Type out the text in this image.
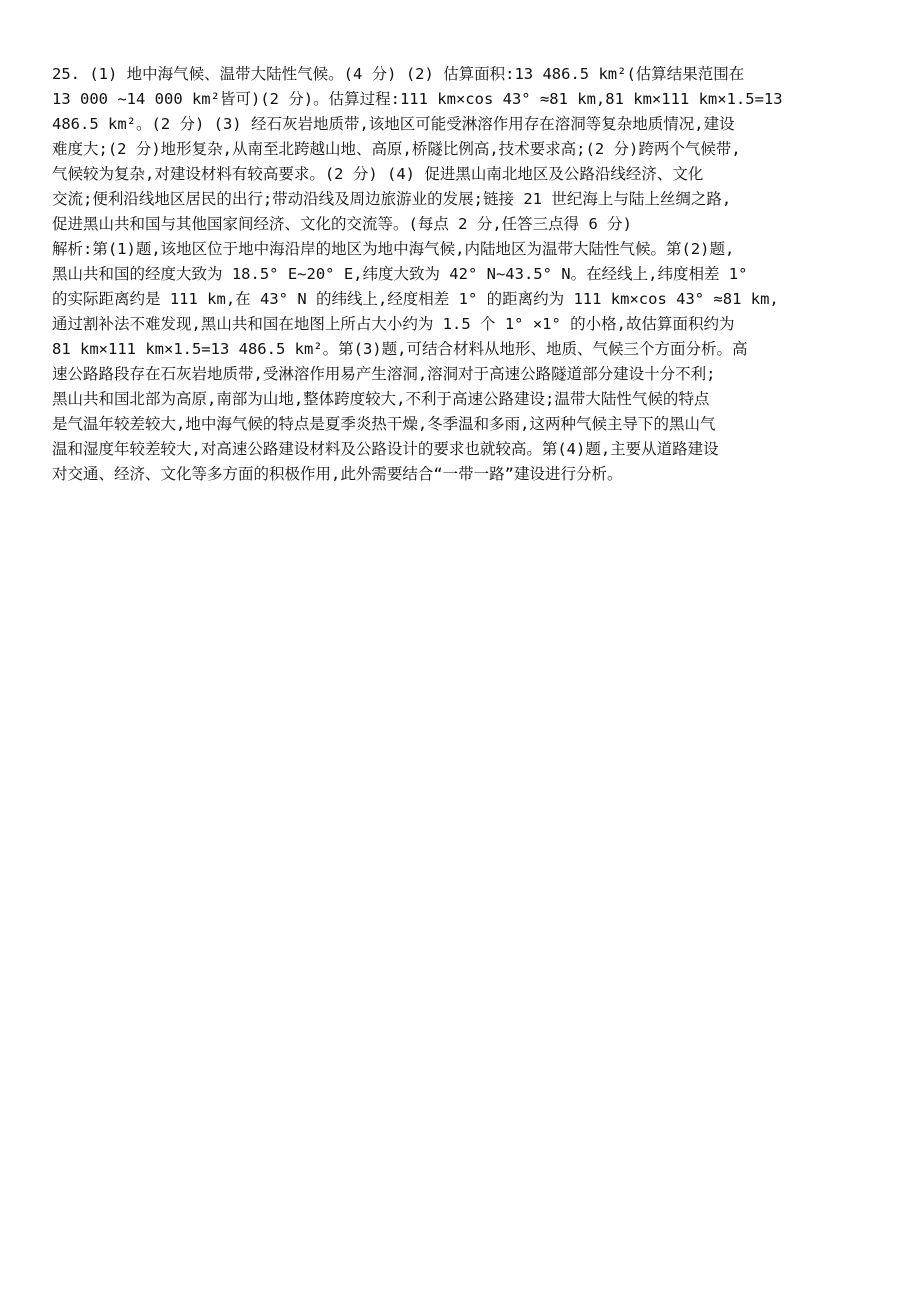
25. (1) 地中海气候、温带大陆性气候。(4 分) (2) 估算面积:13 486.5 km²(估算结果范围在
13 000 ~14 000 km²皆可)(2 分)。估算过程:111 km×cos 43° ≈81 km,81 km×111 km×1.5=13
486.5 km²。(2 分) (3) 经石灰岩地质带,该地区可能受淋溶作用存在溶洞等复杂地质情况,建设
难度大;(2 分)地形复杂,从南至北跨越山地、高原,桥隧比例高,技术要求高;(2 分)跨两个气候带,
气候较为复杂,对建设材料有较高要求。(2 分) (4) 促进黑山南北地区及公路沿线经济、文化
交流;便利沿线地区居民的出行;带动沿线及周边旅游业的发展;链接 21 世纪海上与陆上丝绸之路,
促进黑山共和国与其他国家间经济、文化的交流等。(每点 2 分,任答三点得 6 分)
解析:第(1)题,该地区位于地中海沿岸的地区为地中海气候,内陆地区为温带大陆性气候。第(2)题,
黑山共和国的经度大致为 18.5° E~20° E,纬度大致为 42° N~43.5° N。在经线上,纬度相差 1°
的实际距离约是 111 km,在 43° N 的纬线上,经度相差 1° 的距离约为 111 km×cos 43° ≈81 km,
通过割补法不难发现,黑山共和国在地图上所占大小约为 1.5 个 1° ×1° 的小格,故估算面积约为
81 km×111 km×1.5=13 486.5 km²。第(3)题,可结合材料从地形、地质、气候三个方面分析。高
速公路路段存在石灰岩地质带,受淋溶作用易产生溶洞,溶洞对于高速公路隧道部分建设十分不利;
黑山共和国北部为高原,南部为山地,整体跨度较大,不利于高速公路建设;温带大陆性气候的特点
是气温年较差较大,地中海气候的特点是夏季炎热干燥,冬季温和多雨,这两种气候主导下的黑山气
温和湿度年较差较大,对高速公路建设材料及公路设计的要求也就较高。第(4)题,主要从道路建设
对交通、经济、文化等多方面的积极作用,此外需要结合“一带一路”建设进行分析。
